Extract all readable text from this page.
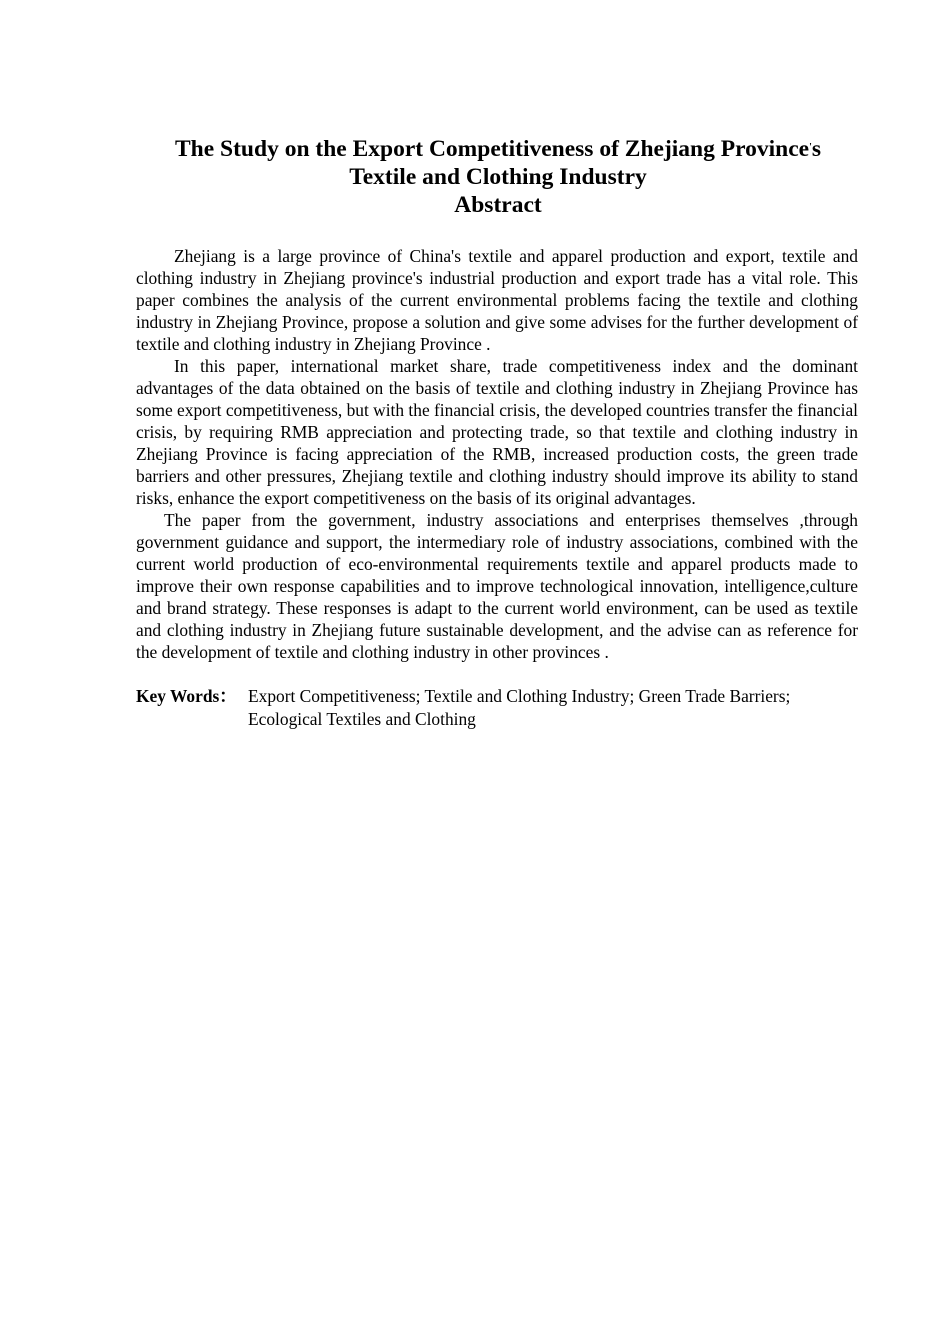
The Study on the Export Competitiveness of Zhejiang Province's
Textile and Clothing Industry
Abstract

Zhejiang is a large province of China's textile and apparel production and export, textile and clothing industry in Zhejiang province's industrial production and export trade has a vital role. This paper combines the analysis of the current environmental problems facing the textile and clothing industry in Zhejiang Province, propose a solution and give some advises for the further development of textile and clothing industry in Zhejiang Province .

In this paper, international market share, trade competitiveness index and the dominant advantages of the data obtained on the basis of textile and clothing industry in Zhejiang Province has some export competitiveness, but with the financial crisis, the developed countries transfer the financial crisis, by requiring RMB appreciation and protecting trade, so that textile and clothing industry in Zhejiang Province is facing appreciation of the RMB, increased production costs, the green trade barriers and other pressures, Zhejiang textile and clothing industry should improve its ability to stand risks, enhance the export competitiveness on the basis of its original advantages.

The paper from the government, industry associations and enterprises themselves ,through government guidance and support, the intermediary role of industry associations, combined with the current world production of eco-environmental requirements textile and apparel products made to improve their own response capabilities and to improve technological innovation, intelligence,culture and brand strategy. These responses is adapt to the current world environment, can be used as textile and clothing industry in Zhejiang future sustainable development, and the advise can as reference for the development of textile and clothing industry in other provinces .

Key Words： Export Competitiveness; Textile and Clothing Industry; Green Trade Barriers;
Ecological Textiles and Clothing
